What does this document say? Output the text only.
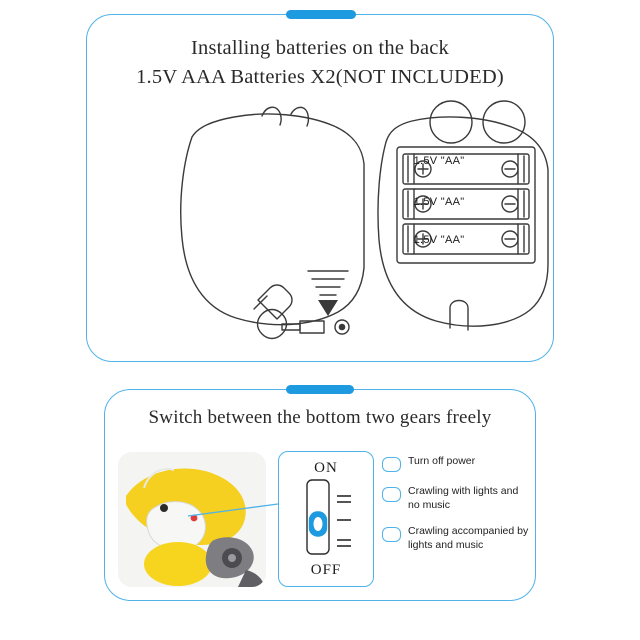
Installing batteries on the back
1.5V AAA Batteries X2(NOT INCLUDED)
1.5V "AA"
1.5V "AA"
1.5V "AA"
Switch between the bottom two gears freely
ON
OFF
Turn off power
Crawling with lights and no music
Crawling accompanied by lights and music
